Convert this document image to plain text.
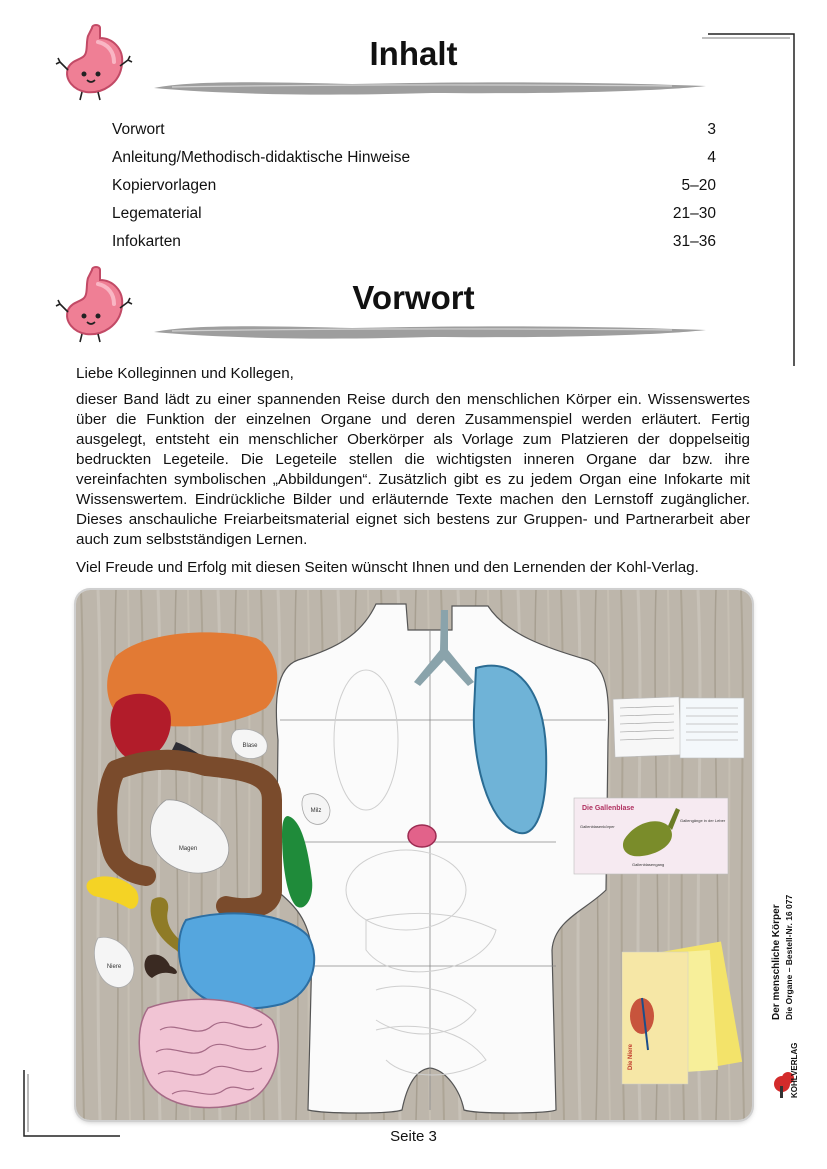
Inhalt
Vorwort	3
Anleitung/Methodisch-didaktische Hinweise	4
Kopiervorlagen	5–20
Legematerial	21–30
Infokarten	31–36
Vorwort

Liebe Kolleginnen und Kollegen,

dieser Band lädt zu einer spannenden Reise durch den menschlichen Körper ein. Wissenswertes über die Funktion der einzelnen Organe und deren Zusammenspiel werden erläutert. Fertig ausgelegt, entsteht ein menschlicher Oberkörper als Vorlage zum Platzieren der doppelseitig bedruckten Legeteile. Die Legeteile stellen die wichtigsten inneren Organe dar bzw. ihre vereinfachten symbolischen „Abbildungen“. Zusätzlich gibt es zu jedem Organ eine Infokarte mit Wissenswertem. Eindrückliche Bilder und erläuternde Texte machen den Lernstoff zugänglicher. Dieses anschauliche Freiarbeitsmaterial eignet sich bestens zur Gruppen- und Partnerarbeit aber auch zum selbstständigen Lernen.

Viel Freude und Erfolg mit diesen Seiten wünscht Ihnen und den Lernenden der Kohl-Verlag.

Blase
Magen
Milz
Niere
Die Gallenblase
Gallenblasenkörper
Gallengänge in der Leber
Gallenblasengang
Die Niere
Der menschliche Körper Die Organe – Bestell-Nr. 16 077
KOHLVERLAG
Seite 3
